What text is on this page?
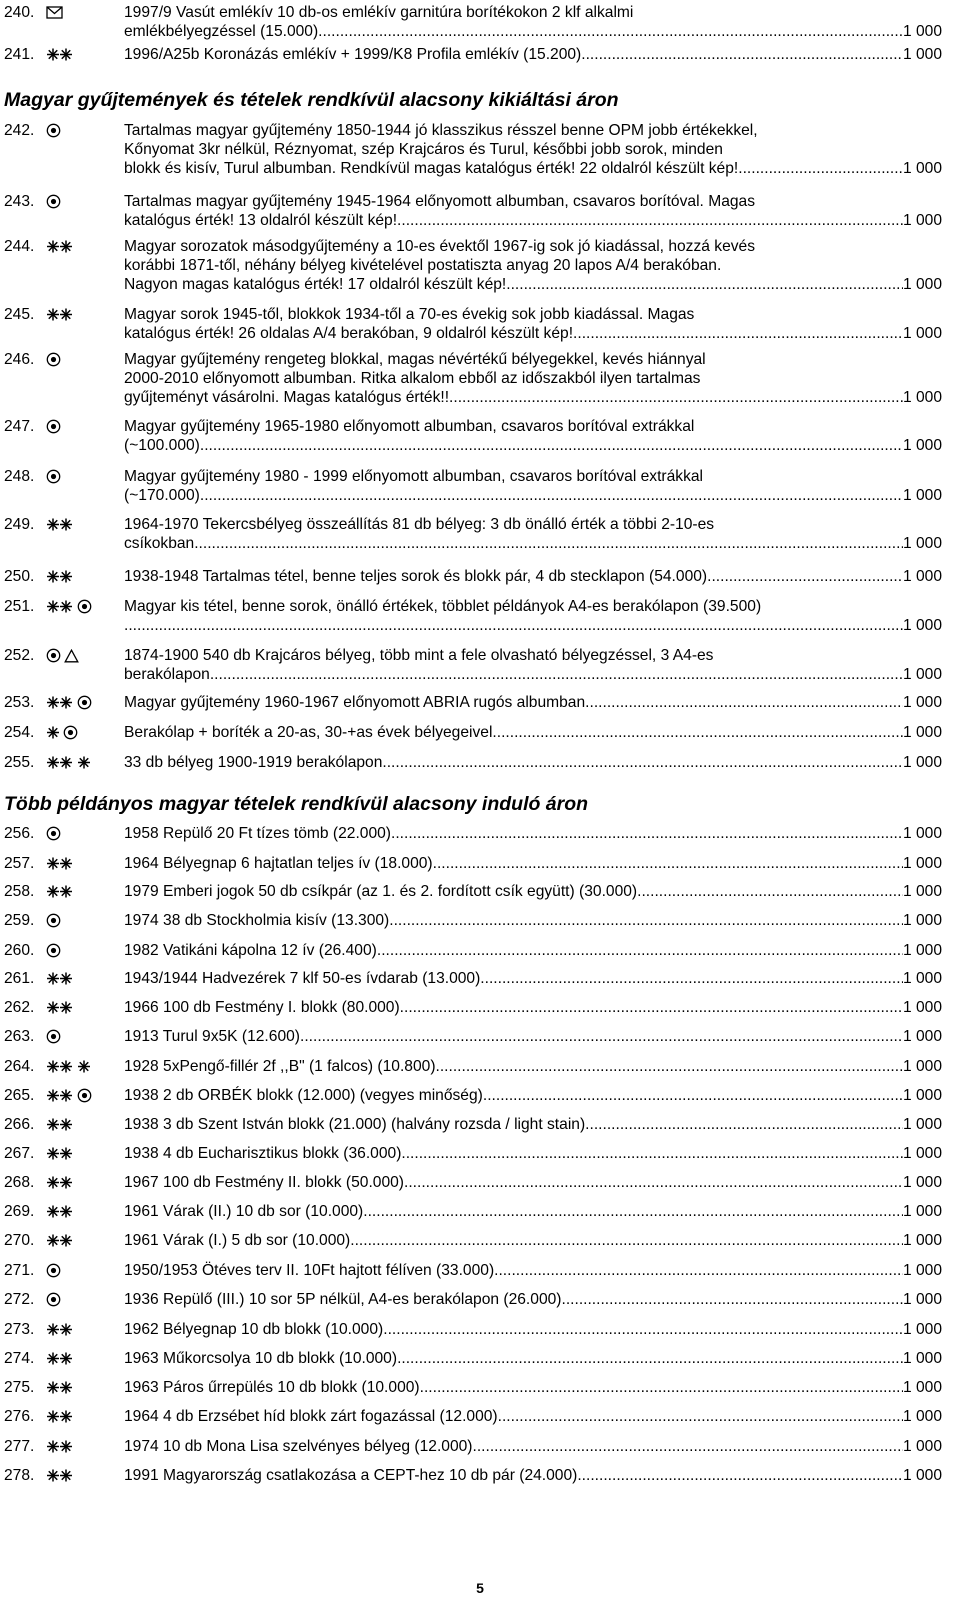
Magyar gyűjtemények és tételek rendkívül alacsony kikiáltási áron
Több példányos magyar tételek rendkívül alacsony induló áron
240.	1997/9 Vasút emlékív 10 db-os emlékív garnitúra borítékokon 2 klf alkalmi
emlékbélyegzéssel (15.000) .....	1 000
241.	1996/A25b Koronázás emlékív + 1999/K8 Profila emlékív (15.200) .....	1 000
242.	Tartalmas magyar gyűjtemény 1850-1944 jó klasszikus résszel benne OPM jobb értékekkel,
Kőnyomat 3kr nélkül, Réznyomat, szép Krajcáros és Turul, későbbi jobb sorok, minden
blokk és kisív, Turul albumban. Rendkívül magas katalógus érték! 22 oldalról készült kép! .....	1 000
243.	Tartalmas magyar gyűjtemény 1945-1964 előnyomott albumban, csavaros borítóval. Magas
katalógus érték! 13 oldalról készült kép! .....	1 000
244.	Magyar sorozatok másodgyűjtemény a 10-es évektől 1967-ig sok jó kiadással, hozzá kevés
korábbi 1871-től, néhány bélyeg kivételével postatiszta anyag 20 lapos A/4 berakóban.
Nagyon magas katalógus érték! 17 oldalról készült kép! .....	1 000
245.	Magyar sorok 1945-től, blokkok 1934-től a 70-es évekig sok jobb kiadással. Magas
katalógus érték! 26 oldalas A/4 berakóban, 9 oldalról készült kép! .....	1 000
246.	Magyar gyűjtemény rengeteg blokkal, magas névértékű bélyegekkel, kevés hiánnyal
2000-2010 előnyomott albumban. Ritka alkalom ebből az időszakból ilyen tartalmas
gyűjteményt vásárolni. Magas katalógus érték!! .....	1 000
247.	Magyar gyűjtemény 1965-1980 előnyomott albumban, csavaros borítóval extrákkal
(~100.000) .....	1 000
248.	Magyar gyűjtemény 1980 - 1999 előnyomott albumban, csavaros borítóval extrákkal
(~170.000) .....	1 000
249.	1964-1970 Tekercsbélyeg összeállítás 81 db bélyeg: 3 db önálló érték a többi 2-10-es
csíkokban .....	1 000
250.	1938-1948 Tartalmas tétel, benne teljes sorok és blokk pár, 4 db stecklapon (54.000) .....	1 000
251.	Magyar kis tétel, benne sorok, önálló értékek, többlet példányok A4-es berakólapon (39.500)
.....
1 000
252.	1874-1900 540 db Krajcáros bélyeg, több mint a fele olvasható bélyegzéssel, 3 A4-es
berakólapon .....	1 000
253.	Magyar gyűjtemény 1960-1967 előnyomott ABRIA rugós albumban .....	1 000
254.	Berakólap + boríték a 20-as, 30-+as évek bélyegeivel .....	1 000
255.	33 db bélyeg 1900-1919 berakólapon .....	1 000
256.	1958 Repülő 20 Ft tízes tömb (22.000) .....	1 000
257.	1964 Bélyegnap 6 hajtatlan teljes ív (18.000) .....	1 000
258.	1979 Emberi jogok 50 db csíkpár (az 1. és 2. fordított csík együtt) (30.000) .....	1 000
259.	1974 38 db Stockholmia kisív (13.300) .....	1 000
260.	1982 Vatikáni kápolna 12 ív (26.400) .....	1 000
261.	1943/1944 Hadvezérek 7 klf 50-es ívdarab (13.000) .....	1 000
262.	1966 100 db Festmény I. blokk (80.000) .....	1 000
263.	1913 Turul 9x5K (12.600) .....	1 000
264.	1928 5xPengő-fillér 2f ,,B" (1 falcos) (10.800) .....	1 000
265.	1938 2 db ORBÉK blokk (12.000) (vegyes minőség) .....	1 000
266.	1938 3 db Szent István blokk (21.000) (halvány rozsda / light stain) .....	1 000
267.	1938 4 db Eucharisztikus blokk (36.000) .....	1 000
268.	1967 100 db Festmény II. blokk (50.000) .....	1 000
269.	1961 Várak (II.) 10 db sor (10.000) .....	1 000
270.	1961 Várak (I.) 5 db sor (10.000) .....	1 000
271.	1950/1953 Ötéves terv II. 10Ft hajtott félíven (33.000) .....	1 000
272.	1936 Repülő (III.) 10 sor 5P nélkül, A4-es berakólapon (26.000) .....	1 000
273.	1962 Bélyegnap 10 db blokk (10.000) .....	1 000
274.	1963 Műkorcsolya 10 db blokk (10.000) .....	1 000
275.	1963 Páros űrrepülés 10 db blokk (10.000) .....	1 000
276.	1964 4 db Erzsébet híd blokk zárt fogazással (12.000) .....	1 000
277.	1974 10 db Mona Lisa szelvényes bélyeg (12.000) .....	1 000
278.	1991 Magyarország csatlakozása a CEPT-hez 10 db pár (24.000) .....	1 000
5
